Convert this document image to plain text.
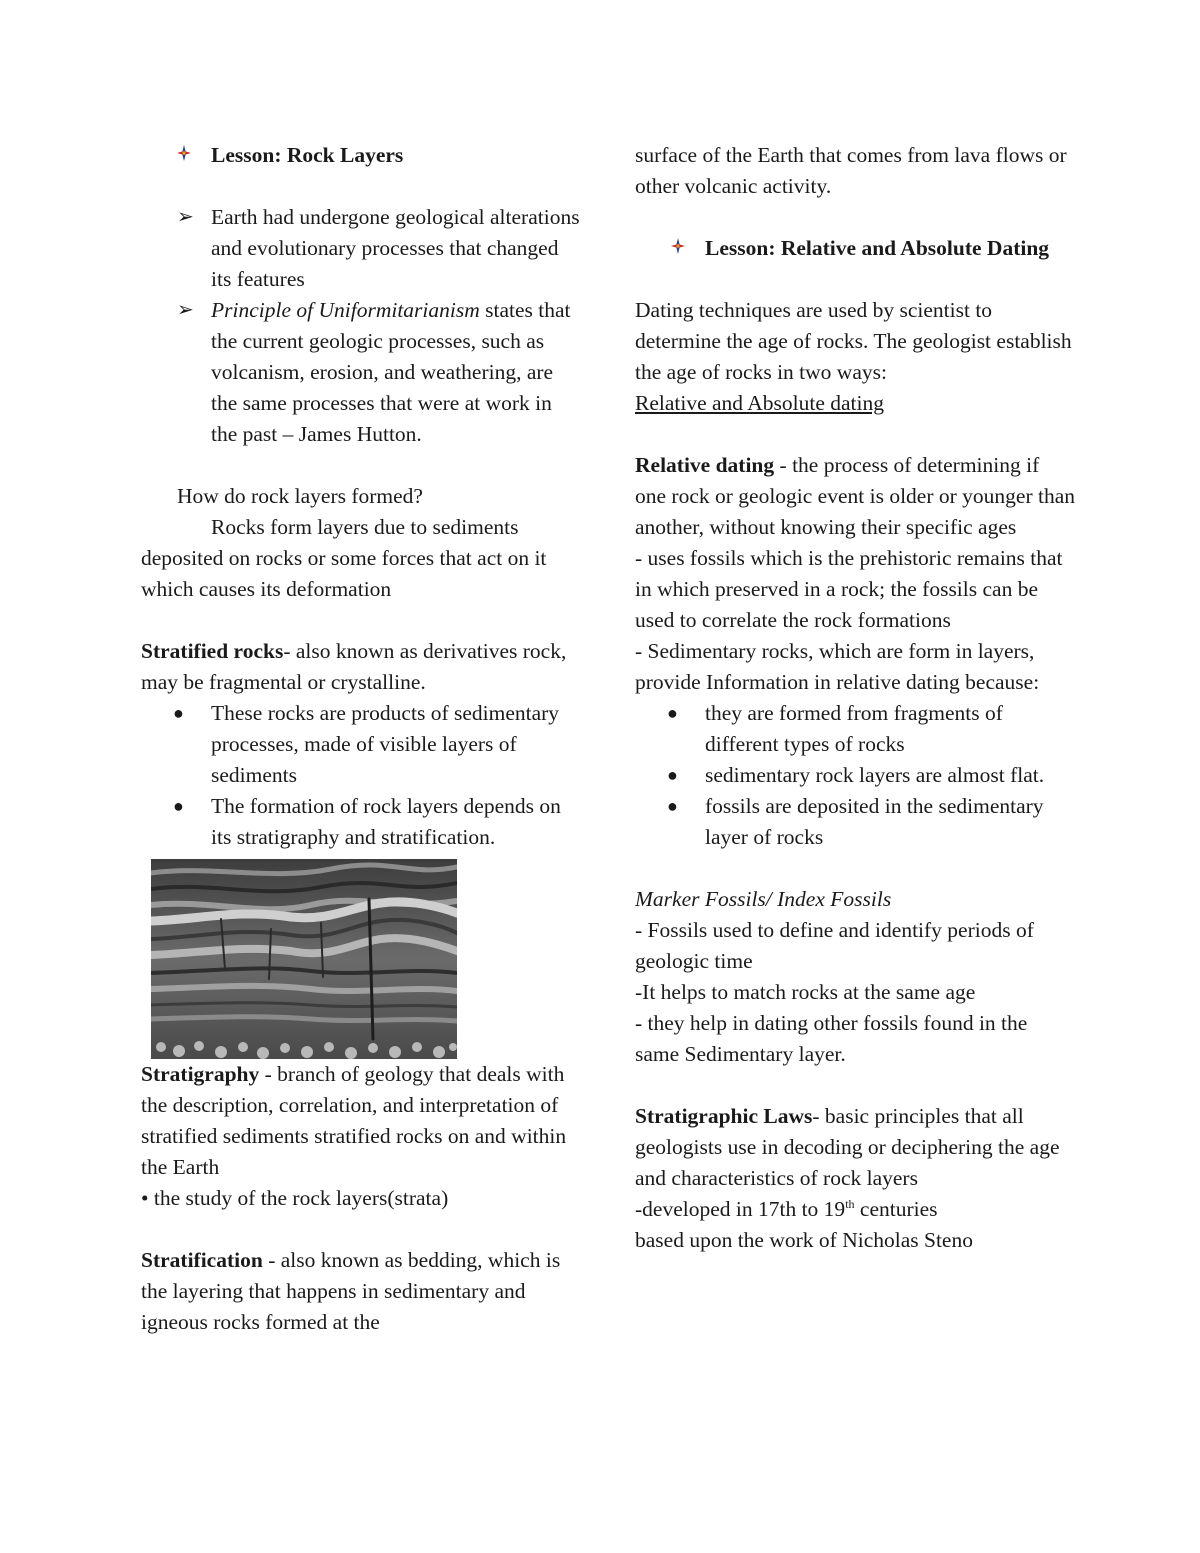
Lesson: Rock Layers
➢ Earth had undergone geological alterations and evolutionary processes that changed its features
➢ Principle of Uniformitarianism states that the current geologic processes, such as volcanism, erosion, and weathering, are the same processes that were at work in the past – James Hutton.

How do rock layers formed?

Rocks form layers due to sediments deposited on rocks or some forces that act on it which causes its deformation

Stratified rocks- also known as derivatives rock, may be fragmental or crystalline.

●	These rocks are products of sedimentary processes, made of visible layers of sediments
●	The formation of rock layers depends on its stratigraphy and stratification.

Stratigraphy - branch of geology that deals with the description, correlation, and interpretation of stratified sediments stratified rocks on and within the Earth

• the study of the rock layers(strata)

Stratification - also known as bedding, which is the layering that happens in sedimentary and igneous rocks formed at the

surface of the Earth that comes from lava flows or other volcanic activity.

Lesson: Relative and Absolute Dating

Dating techniques are used by scientist to determine the age of rocks. The geologist establish the age of rocks in two ways:

Relative and Absolute dating

Relative dating - the process of determining if one rock or geologic event is older or younger than another, without knowing their specific ages

- uses fossils which is the prehistoric remains that in which preserved in a rock; the fossils can be used to correlate the rock formations

- Sedimentary rocks, which are form in layers, provide Information in relative dating because:

●	they are formed from fragments of different types of rocks
●	sedimentary rock layers are almost flat.
●	fossils are deposited in the sedimentary layer of rocks

Marker Fossils/ Index Fossils

- Fossils used to define and identify periods of geologic time

-It helps to match rocks at the same age

- they help in dating other fossils found in the same Sedimentary layer.

Stratigraphic Laws- basic principles that all geologists use in decoding or deciphering the age and characteristics of rock layers

-developed in 17th to 19th centuries

based upon the work of Nicholas Steno
